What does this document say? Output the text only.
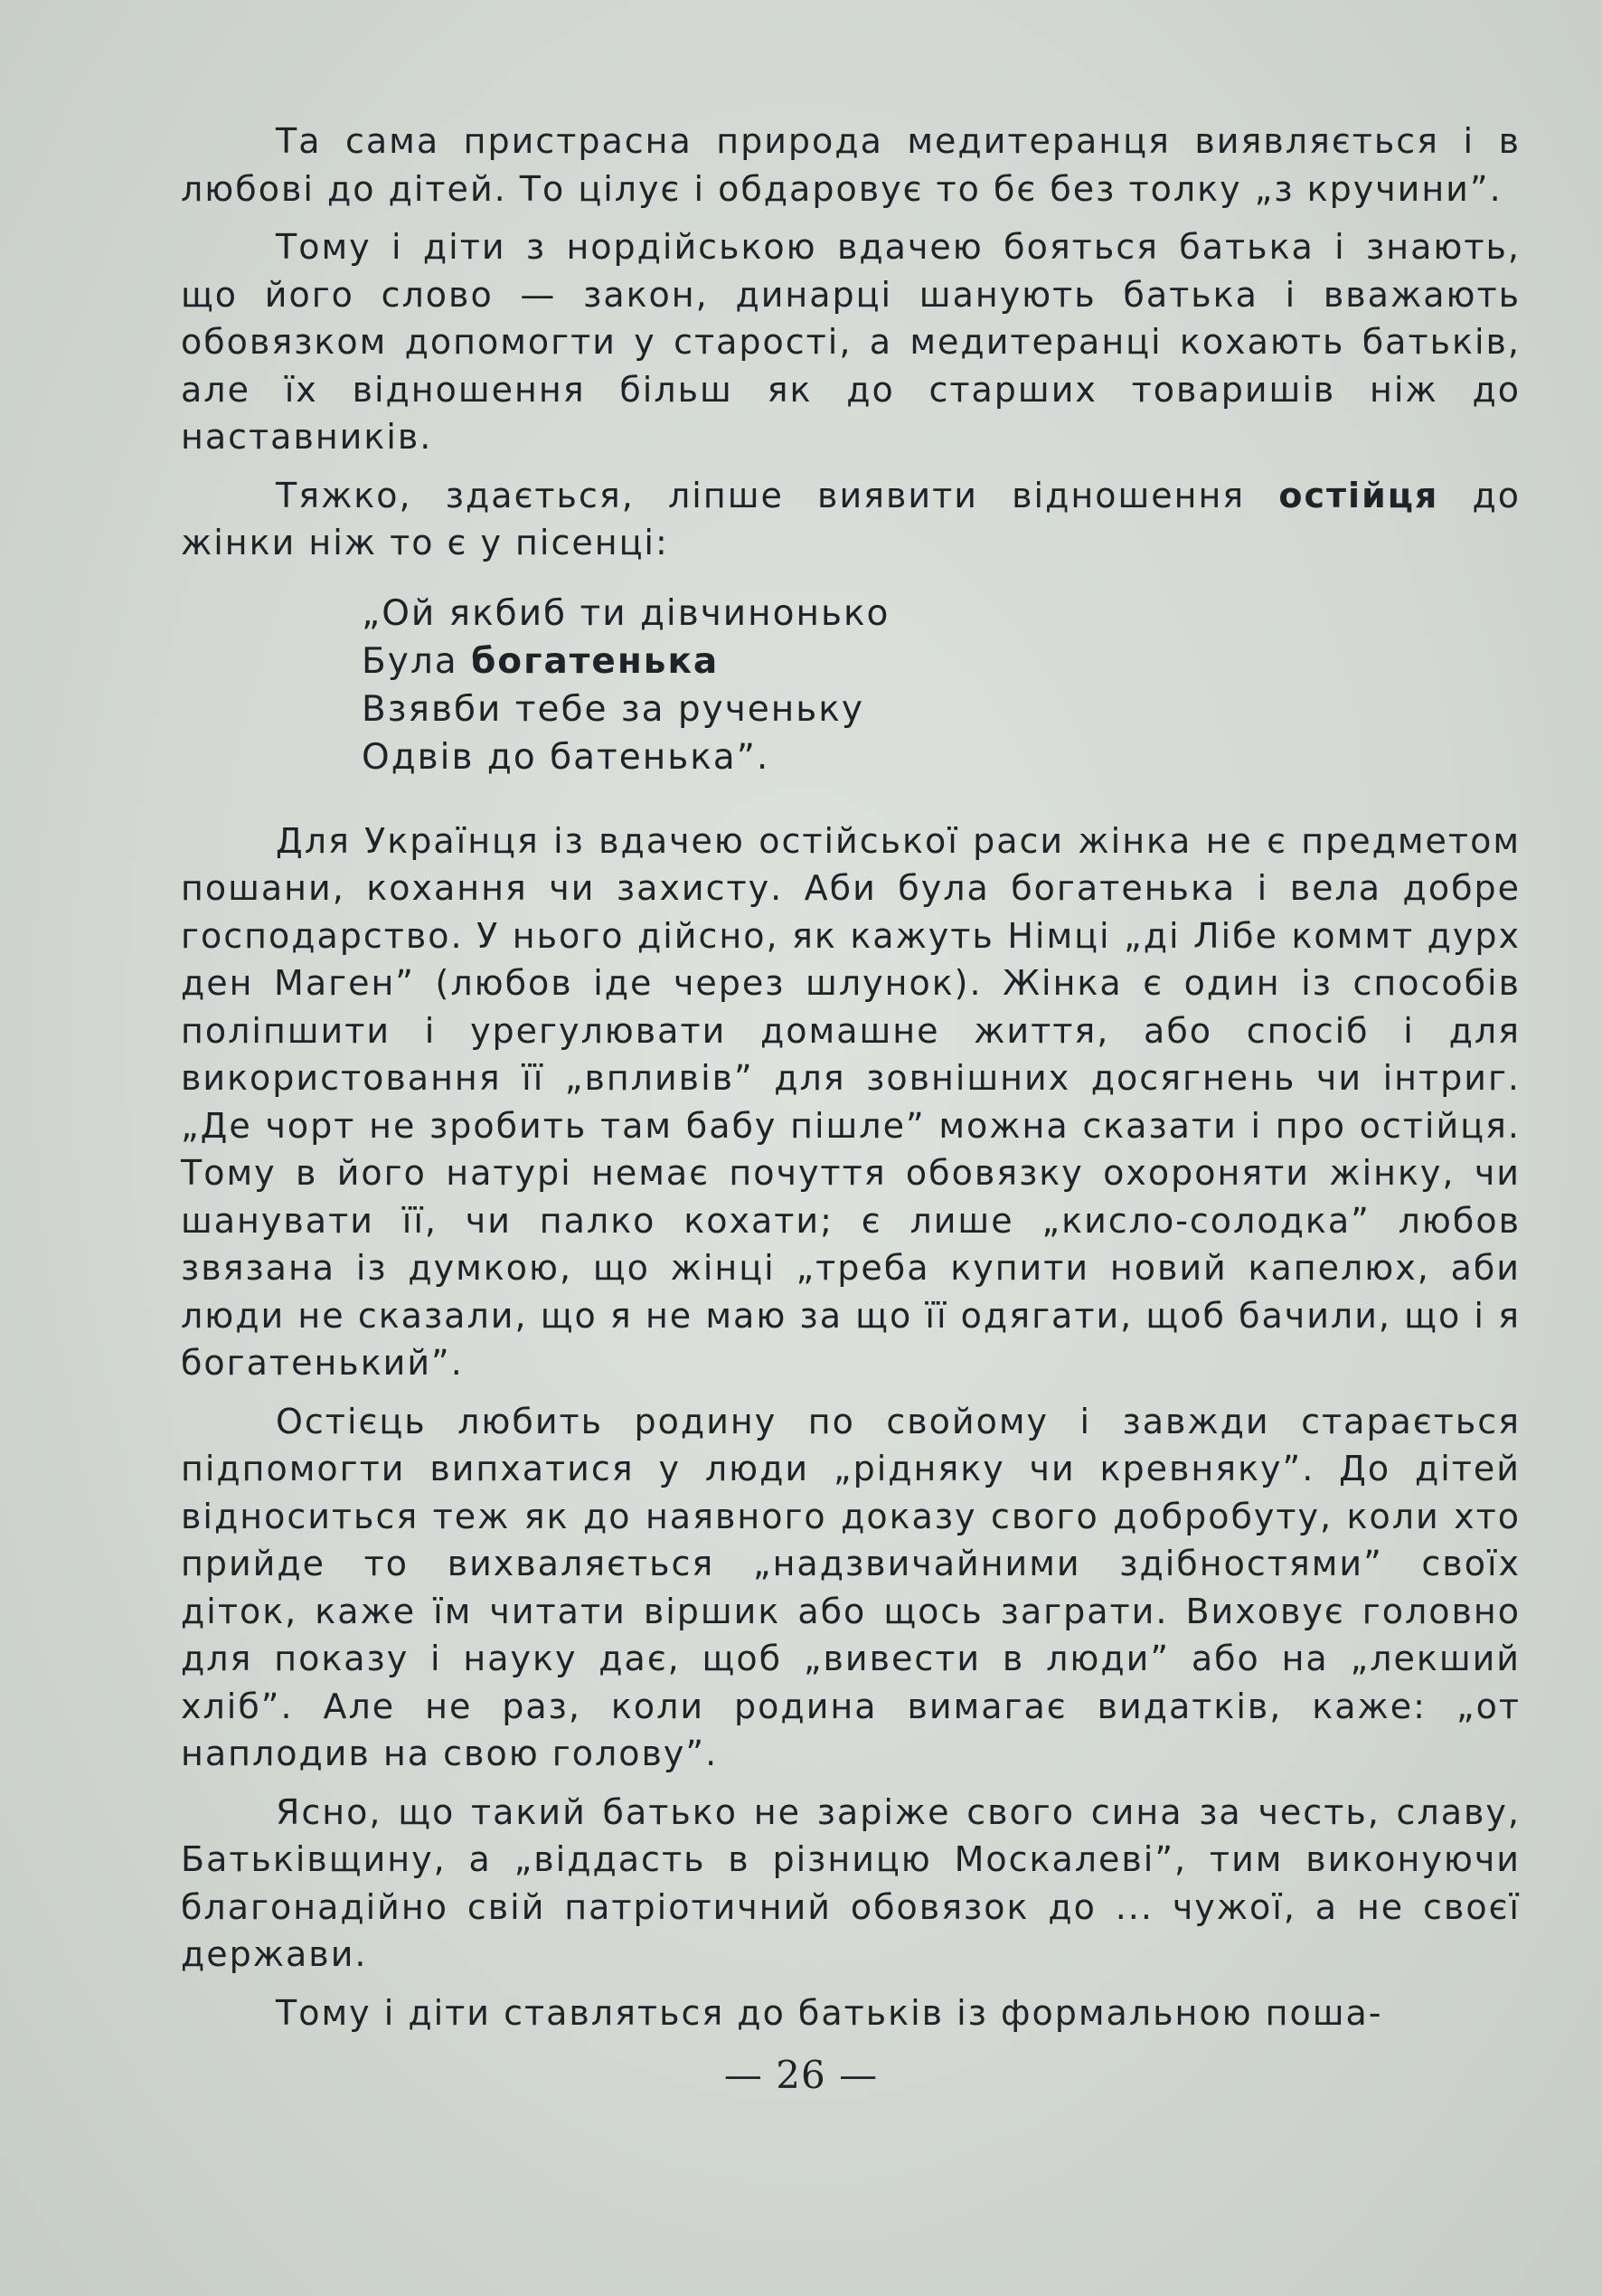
Та сама пристрасна природа медитеранця виявляється і в любові до дітей. То цілує і обдаровує то бє без толку „з кручини”.

Тому і діти з нордійською вдачею бояться батька і знають, що його слово — закон, динарці шанують батька і вважають обовязком допомогти у старості, а медитеранці кохають батьків, але їх відношення більш як до старших товаришів ніж до наставників.

Тяжко, здається, ліпше виявити відношення остійця до жінки ніж то є у пісенці:

„Ой якбиб ти дівчинонько
Була богатенька
Взявби тебе за рученьку
Одвів до батенька”.

Для Українця із вдачею остійської раси жінка не є предметом пошани, кохання чи захисту. Аби була богатенька і вела добре господарство. У нього дійсно, як кажуть Німці „ді Лібе коммт дурх ден Маген” (любов іде через шлунок). Жінка є один із способів поліпшити і урегулювати домашне життя, або спосіб і для використовання її „впливів” для зовнішних досягнень чи інтриг. „Де чорт не зробить там бабу пішле” можна сказати і про остійця. Тому в його натурі немає почуття обовязку охороняти жінку, чи шанувати її, чи палко кохати; є лише „кисло-солодка” любов звязана із думкою, що жінці „треба купити новий капелюх, аби люди не сказали, що я не маю за що її одягати, щоб бачили, що і я богатенький”.

Остієць любить родину по свойому і завжди старається підпомогти випхатися у люди „рідняку чи кревняку”. До дітей відноситься теж як до наявного доказу свого добробуту, коли хто прийде то вихваляється „надзвичайними здібностями” своїх діток, каже їм читати віршик або щось заграти. Виховує головно для показу і науку дає, щоб „вивести в люди” або на „лекший хліб”. Але не раз, коли родина вимагає видатків, каже: „от наплодив на свою голову”.

Ясно, що такий батько не заріже свого сина за честь, славу, Батьківщину, а „віддасть в різницю Москалеві”, тим виконуючи благонадійно свій патріотичний обовязок до ... чужої, а не своєї держави.

Тому і діти ставляться до батьків із формальною поша-

— 26 —
